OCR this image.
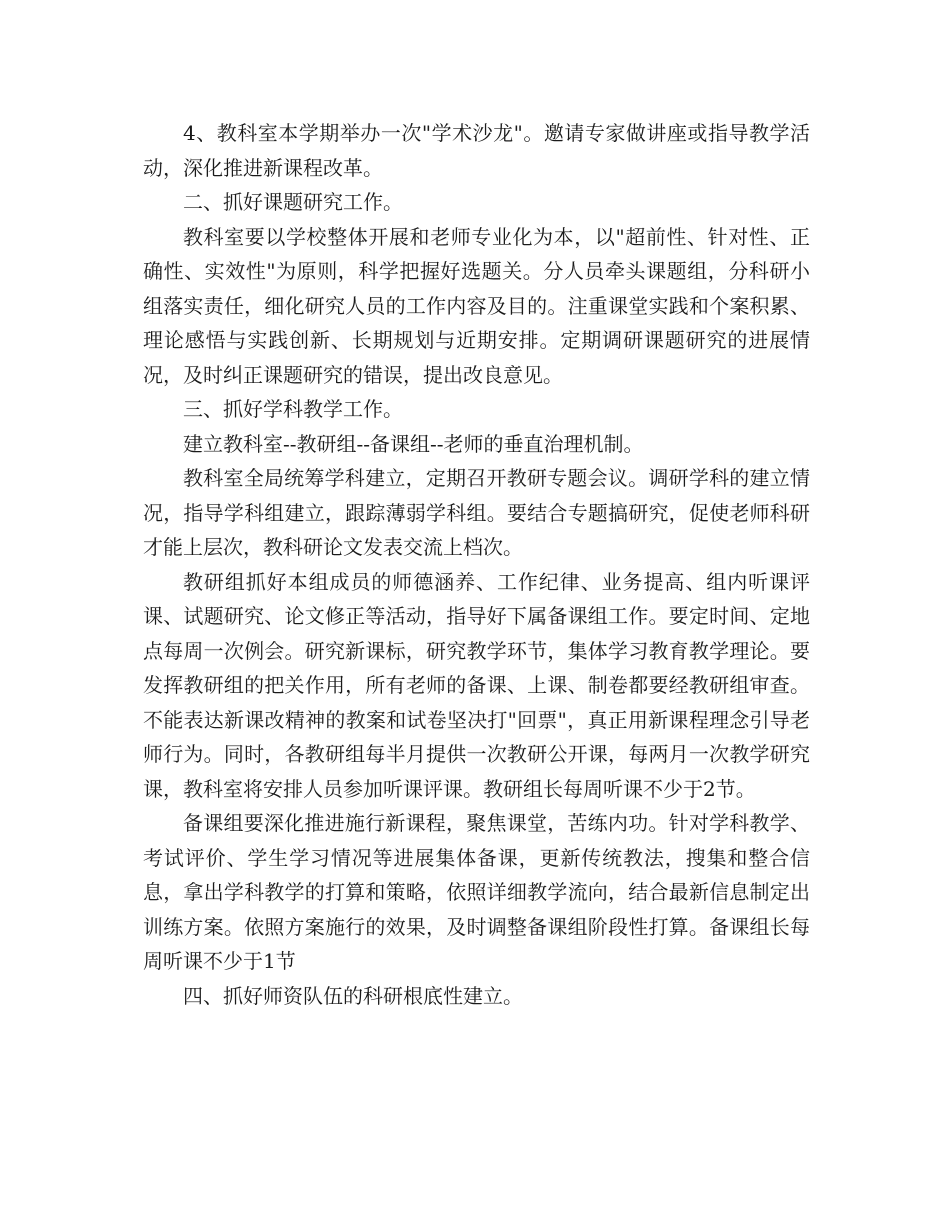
4、教科室本学期举办一次"学术沙龙"。邀请专家做讲座或指导教学活动，深化推进新课程改革。

二、抓好课题研究工作。

教科室要以学校整体开展和老师专业化为本，以"超前性、针对性、正确性、实效性"为原则，科学把握好选题关。分人员牵头课题组，分科研小组落实责任，细化研究人员的工作内容及目的。注重课堂实践和个案积累、理论感悟与实践创新、长期规划与近期安排。定期调研课题研究的进展情况，及时纠正课题研究的错误，提出改良意见。

三、抓好学科教学工作。

建立教科室--教研组--备课组--老师的垂直治理机制。

教科室全局统筹学科建立，定期召开教研专题会议。调研学科的建立情况，指导学科组建立，跟踪薄弱学科组。要结合专题搞研究，促使老师科研才能上层次，教科研论文发表交流上档次。

教研组抓好本组成员的师德涵养、工作纪律、业务提高、组内听课评课、试题研究、论文修正等活动，指导好下属备课组工作。要定时间、定地点每周一次例会。研究新课标，研究教学环节，集体学习教育教学理论。要发挥教研组的把关作用，所有老师的备课、上课、制卷都要经教研组审查。不能表达新课改精神的教案和试卷坚决打"回票"，真正用新课程理念引导老师行为。同时，各教研组每半月提供一次教研公开课，每两月一次教学研究课，教科室将安排人员参加听课评课。教研组长每周听课不少于2节。

备课组要深化推进施行新课程，聚焦课堂，苦练内功。针对学科教学、考试评价、学生学习情况等进展集体备课，更新传统教法，搜集和整合信息，拿出学科教学的打算和策略，依照详细教学流向，结合最新信息制定出训练方案。依照方案施行的效果，及时调整备课组阶段性打算。备课组长每周听课不少于1节

四、抓好师资队伍的科研根底性建立。
